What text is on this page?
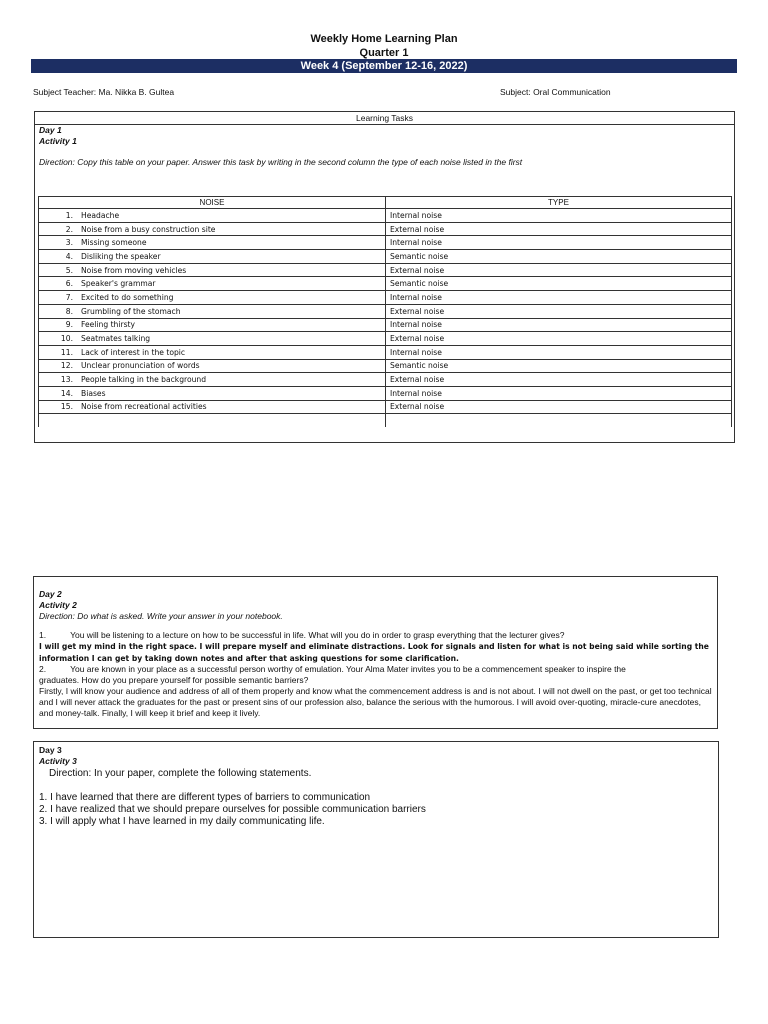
Weekly Home Learning Plan
Quarter 1
Week 4 (September 12-16, 2022)
Subject Teacher: Ma. Nikka B. Gultea	Subject: Oral Communication
Learning Tasks
Day 1
Activity 1
Direction: Copy this table on your paper. Answer this task by writing in the second column the type of each noise listed in the first
NOISE	TYPE
1. Headache	Internal noise
2. Noise from a busy construction site	External noise
3. Missing someone	Internal noise
4. Disliking the speaker	Semantic noise
5. Noise from moving vehicles	External noise
6. Speaker's grammar	Semantic noise
7. Excited to do something	Internal noise
8. Grumbling of the stomach	External noise
9. Feeling thirsty	Internal noise
10. Seatmates talking	External noise
11. Lack of interest in the topic	Internal noise
12. Unclear pronunciation of words	Semantic noise
13. People talking in the background	External noise
14. Biases	Internal noise
15. Noise from recreational activities	External noise

Day 2
Activity 2
Direction: Do what is asked. Write your answer in your notebook.
1.	You will be listening to a lecture on how to be successful in life. What will you do in order to grasp everything that the lecturer gives?
I will get my mind in the right space. I will prepare myself and eliminate distractions. Look for signals and listen for what is not being said while sorting the information I can get by taking down notes and after that asking questions for some clarification.
2.	You are known in your place as a successful person worthy of emulation. Your Alma Mater invites you to be a commencement speaker to inspire the
graduates. How do you prepare yourself for possible semantic barriers?
Firstly, I will know your audience and address of all of them properly and know what the commencement address is and is not about. I will not dwell on the past, or get too technical and I will never attack the graduates for the past or present sins of our profession also, balance the serious with the humorous. I will avoid over-quoting, miracle-cure anecdotes, and money-talk. Finally, I will keep it brief and keep it lively.
Day 3
Activity 3
Direction: In your paper, complete the following statements.
1. I have learned that there are different types of barriers to communication
2. I have realized that we should prepare ourselves for possible communication barriers
3. I will apply what I have learned in my daily communicating life.
